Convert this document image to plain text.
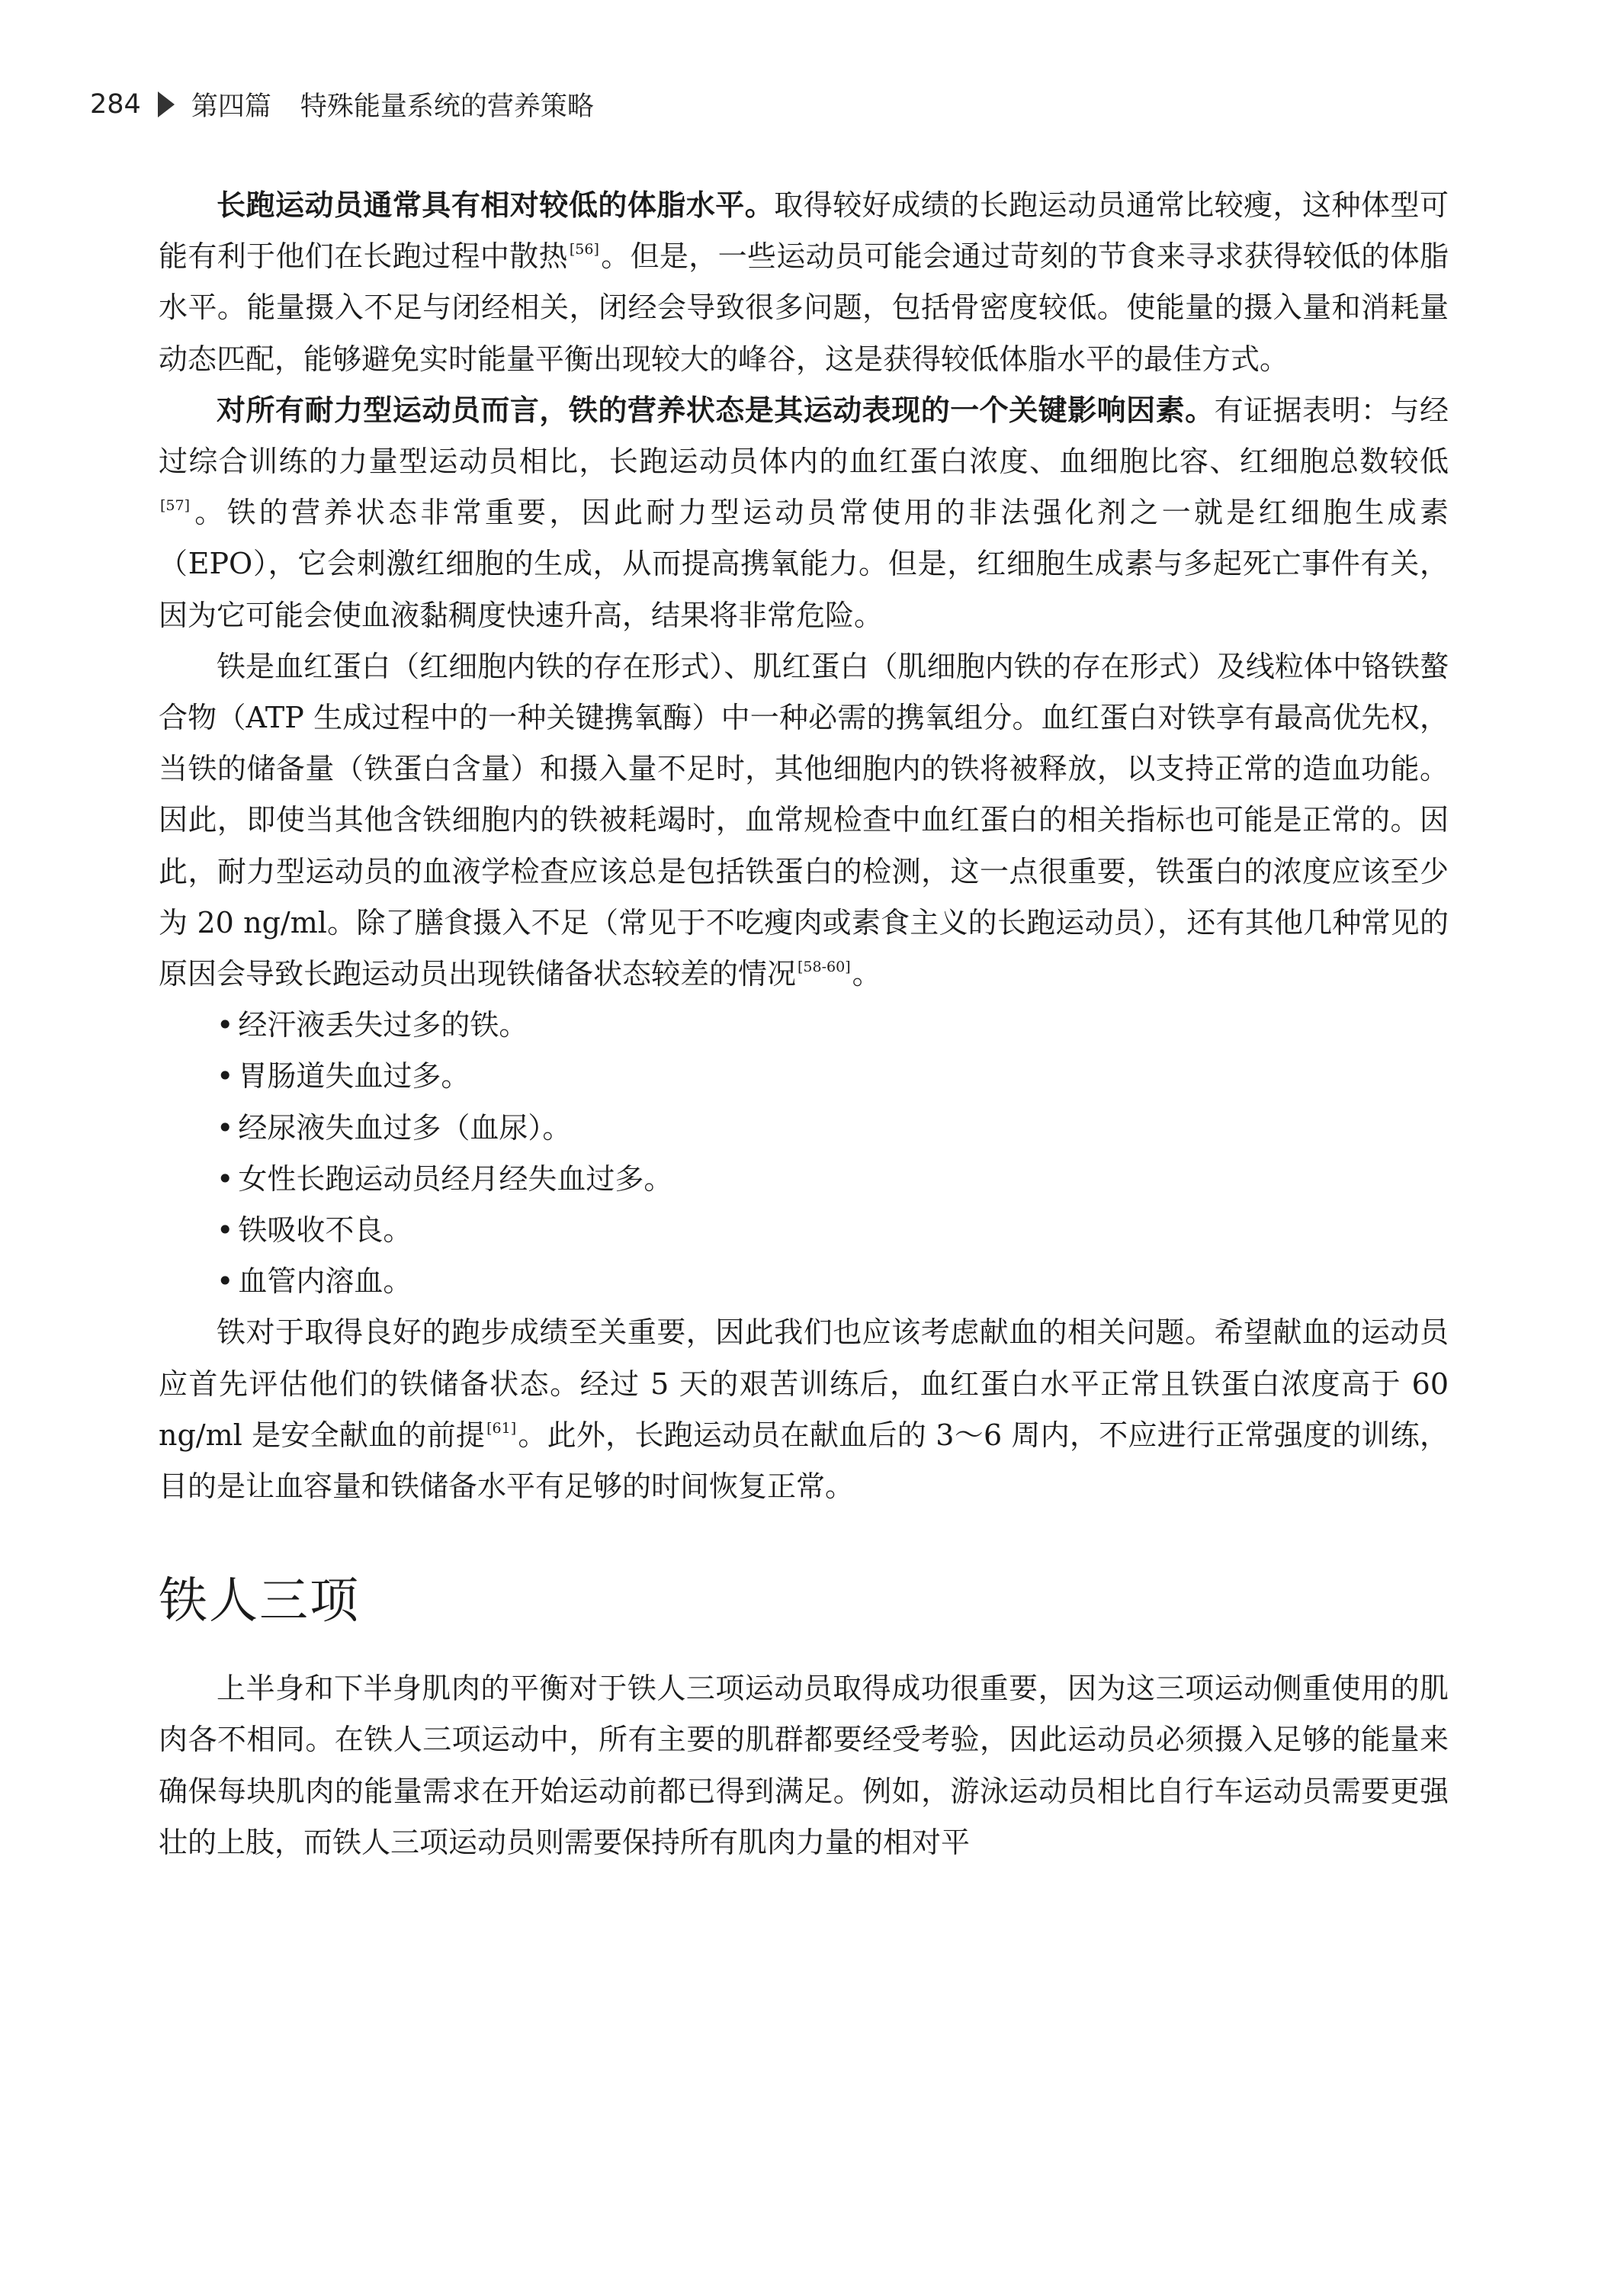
284 第四篇 特殊能量系统的营养策略

长跑运动员通常具有相对较低的体脂水平。取得较好成绩的长跑运动员通常比较瘦，这种体型可能有利于他们在长跑过程中散热 [56]。但是，一些运动员可能会通过苛刻的节食来寻求获得较低的体脂水平。能量摄入不足与闭经相关，闭经会导致很多问题，包括骨密度较低。使能量的摄入量和消耗量动态匹配，能够避免实时能量平衡出现较大的峰谷，这是获得较低体脂水平的最佳方式。

对所有耐力型运动员而言，铁的营养状态是其运动表现的一个关键影响因素。有证据表明：与经过综合训练的力量型运动员相比，长跑运动员体内的血红蛋白浓度、血细胞比容、红细胞总数较低[57]。铁的营养状态非常重要，因此耐力型运动员常使用的非法强化剂之一就是红细胞生成素（EPO），它会刺激红细胞的生成，从而提高携氧能力。但是，红细胞生成素与多起死亡事件有关，因为它可能会使血液黏稠度快速升高，结果将非常危险。

铁是血红蛋白（红细胞内铁的存在形式）、肌红蛋白（肌细胞内铁的存在形式）及线粒体中铬铁螯合物（ATP 生成过程中的一种关键携氧酶）中一种必需的携氧组分。血红蛋白对铁享有最高优先权，当铁的储备量（铁蛋白含量）和摄入量不足时，其他细胞内的铁将被释放，以支持正常的造血功能。因此，即使当其他含铁细胞内的铁被耗竭时，血常规检查中血红蛋白的相关指标也可能是正常的。因此，耐力型运动员的血液学检查应该总是包括铁蛋白的检测，这一点很重要，铁蛋白的浓度应该至少为 20 ng/ml。除了膳食摄入不足（常见于不吃瘦肉或素食主义的长跑运动员），还有其他几种常见的原因会导致长跑运动员出现铁储备状态较差的情况 [58-60]。

• 经汗液丢失过多的铁。
• 胃肠道失血过多。
• 经尿液失血过多（血尿）。
• 女性长跑运动员经月经失血过多。
• 铁吸收不良。
• 血管内溶血。

铁对于取得良好的跑步成绩至关重要，因此我们也应该考虑献血的相关问题。希望献血的运动员应首先评估他们的铁储备状态。经过 5 天的艰苦训练后，血红蛋白水平正常且铁蛋白浓度高于 60 ng/ml 是安全献血的前提 [61]。此外，长跑运动员在献血后的 3～6 周内，不应进行正常强度的训练，目的是让血容量和铁储备水平有足够的时间恢复正常。

铁人三项

上半身和下半身肌肉的平衡对于铁人三项运动员取得成功很重要，因为这三项运动侧重使用的肌肉各不相同。在铁人三项运动中，所有主要的肌群都要经受考验，因此运动员必须摄入足够的能量来确保每块肌肉的能量需求在开始运动前都已得到满足。例如，游泳运动员相比自行车运动员需要更强壮的上肢，而铁人三项运动员则需要保持所有肌肉力量的相对平
